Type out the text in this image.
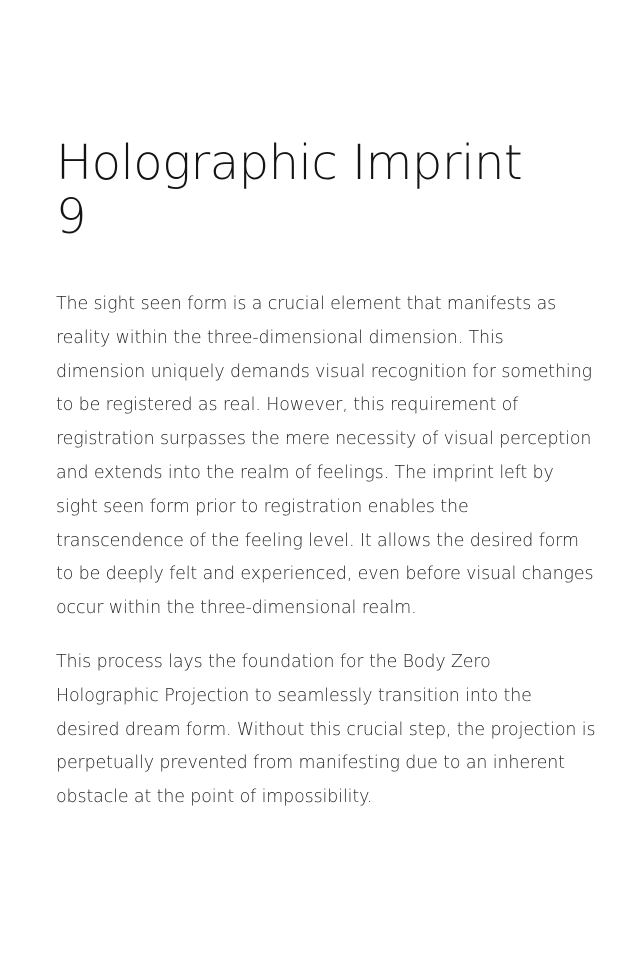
Holographic Imprint
9

The sight seen form is a crucial element that manifests as reality within the three-dimensional dimension. This dimension uniquely demands visual recognition for something to be registered as real. However, this requirement of registration surpasses the mere necessity of visual perception and extends into the realm of feelings. The imprint left by sight seen form prior to registration enables the transcendence of the feeling level. It allows the desired form to be deeply felt and experienced, even before visual changes occur within the three-dimensional realm.

This process lays the foundation for the Body Zero Holographic Projection to seamlessly transition into the desired dream form. Without this crucial step, the projection is perpetually prevented from manifesting due to an inherent obstacle at the point of impossibility.
